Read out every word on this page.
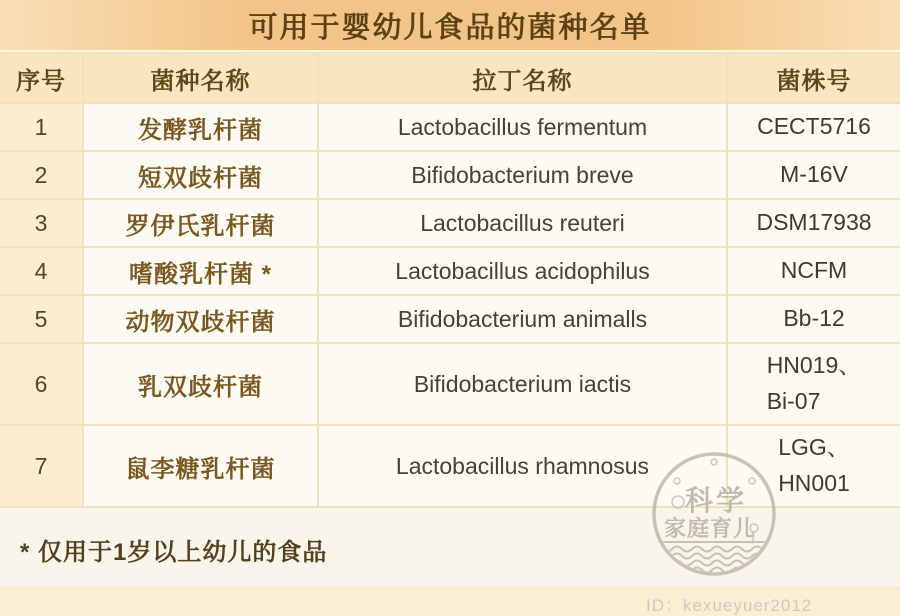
可用于婴幼儿食品的菌种名单
序号	菌种名称	拉丁名称	菌株号
1	发酵乳杆菌	Lactobacillus fermentum	CECT5716

2	短双歧杆菌	Bifidobacterium breve	M-16V

3	罗伊氏乳杆菌	Lactobacillus reuteri	DSM17938

4	嗜酸乳杆菌 *	Lactobacillus acidophilus	NCFM

5	动物双歧杆菌	Bifidobacterium animalls	Bb-12

6	乳双歧杆菌	Bifidobacterium iactis	HN019、
Bi-07

7	鼠李糖乳杆菌	Lactobacillus rhamnosus	LGG、
HN001

* 仅用于1岁以上幼儿的食品

科学
家庭育儿
ID：kexueyuer2012
